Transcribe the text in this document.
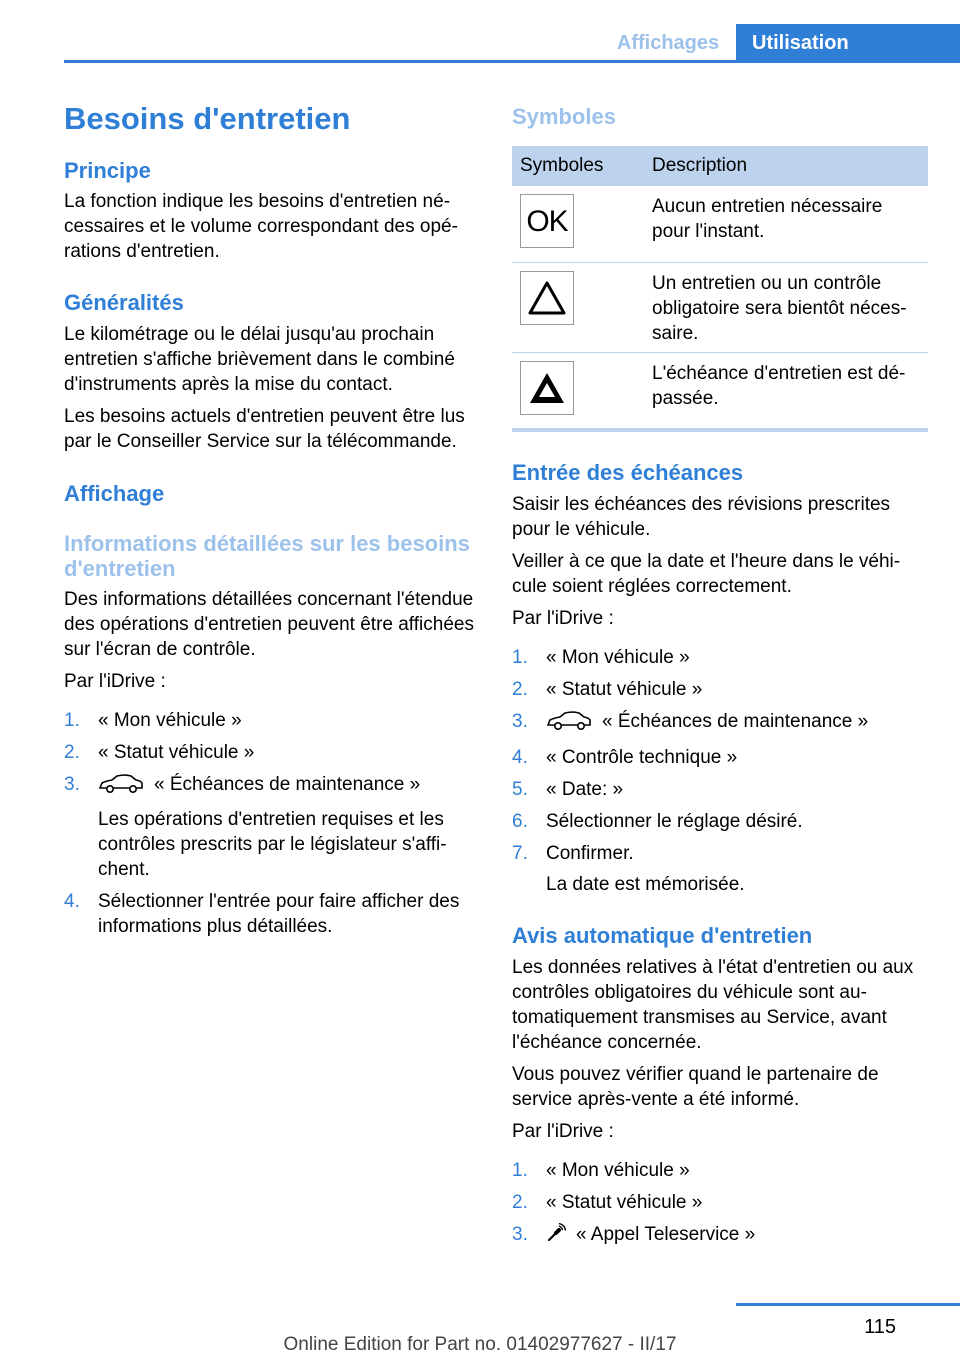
Affichages	Utilisation
Besoins d'entretien
Principe

La fonction indique les besoins d'entretien nécessaires et le volume correspondant des opérations d'entretien.

Généralités

Le kilométrage ou le délai jusqu'au prochain entretien s'affiche brièvement dans le combiné d'instruments après la mise du contact.

Les besoins actuels d'entretien peuvent être lus par le Conseiller Service sur la télécommande.

Affichage
Informations détaillées sur les besoins d'entretien

Des informations détaillées concernant l'étendue des opérations d'entretien peuvent être affichées sur l'écran de contrôle.

Par l'iDrive :

1. « Mon véhicule »
2. « Statut véhicule »
3.	« Échéances de maintenance »
Les opérations d'entretien requises et les contrôles prescrits par le législateur s'affichent.
4. Sélectionner l'entrée pour faire afficher des informations plus détaillées.
Symboles
Symboles	Description

OK	Aucun entretien nécessaire pour l'instant.

	Un entretien ou un contrôle obligatoire sera bientôt nécessaire.

	L'échéance d'entretien est dépassée.
Entrée des échéances

Saisir les échéances des révisions prescrites pour le véhicule.

Veiller à ce que la date et l'heure dans le véhicule soient réglées correctement.

Par l'iDrive :

1. « Mon véhicule »
2. « Statut véhicule »
3.	« Échéances de maintenance »
4. « Contrôle technique »
5. « Date: »
6. Sélectionner le réglage désiré.
7. Confirmer.
La date est mémorisée.
Avis automatique d'entretien

Les données relatives à l'état d'entretien ou aux contrôles obligatoires du véhicule sont automatiquement transmises au Service, avant l'échéance concernée.

Vous pouvez vérifier quand le partenaire de service après-vente a été informé.

Par l'iDrive :

1. « Mon véhicule »
2. « Statut véhicule »
3.	« Appel Teleservice »
115
Online Edition for Part no. 01402977627 - II/17
